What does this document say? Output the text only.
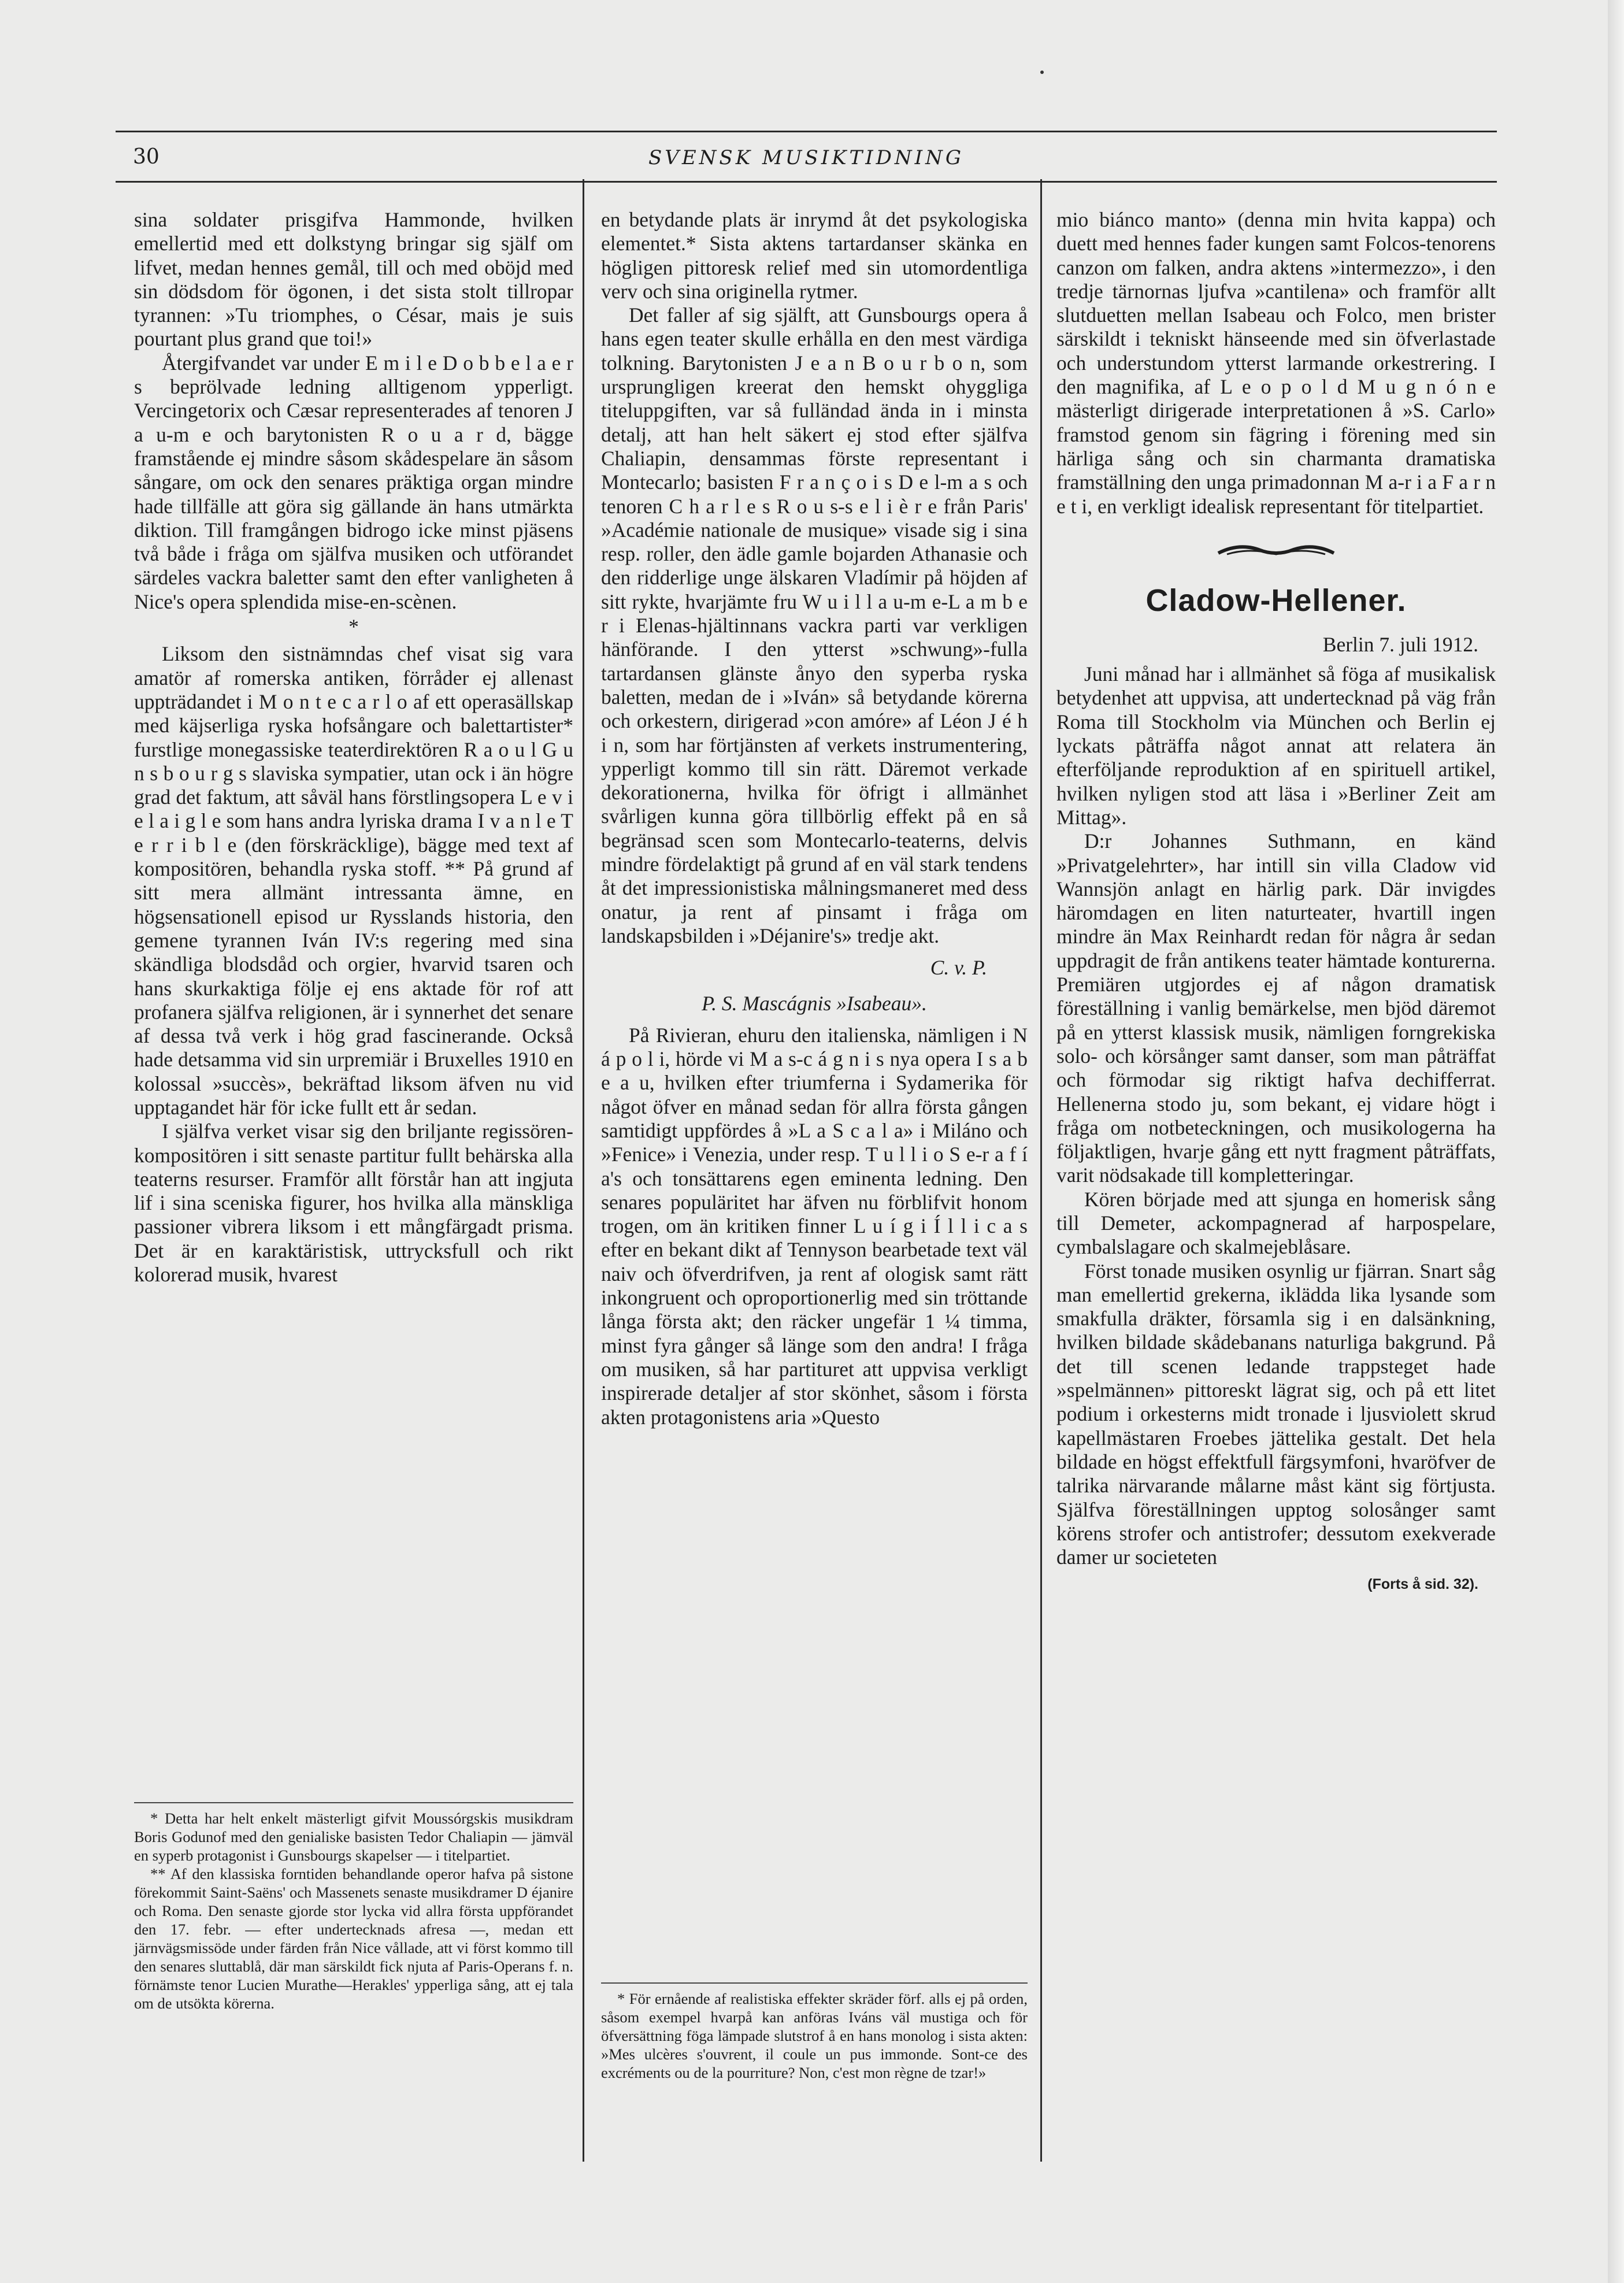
30	SVENSK MUSIKTIDNING

sina soldater prisgifva Hammonde, hvilken emellertid med ett dolkstyng bringar sig själf om lifvet, medan hennes gemål, till och med oböjd med sin dödsdom för ögonen, i det sista stolt tillropar tyrannen: »Tu triomphes, o César, mais je suis pourtant plus grand que toi!»

Återgifvandet var under E m i l e D o b b e l a e r s beprölvade ledning alltigenom ypperligt. Vercingetorix och Cæsar representerades af tenoren J a u-m e och barytonisten R o u a r d, bägge framstående ej mindre såsom skådespelare än såsom sångare, om ock den senares präktiga organ mindre hade tillfälle att göra sig gällande än hans utmärkta diktion. Till framgången bidrogo icke minst pjäsens två både i fråga om själfva musiken och utförandet särdeles vackra baletter samt den efter vanligheten å Nice's opera splendida mise-en-scènen.

*

Liksom den sistnämndas chef visat sig vara amatör af romerska antiken, förråder ej allenast uppträdandet i M o n t e c a r l o af ett operasällskap med käjserliga ryska hofsångare och balettartister* furstlige monegassiske teaterdirektören R a o u l G u n s b o u r g s slaviska sympatier, utan ock i än högre grad det faktum, att såväl hans förstlingsopera L e v i e l a i g l e som hans andra lyriska drama I v a n l e T e r r i b l e (den förskräcklige), bägge med text af kompositören, behandla ryska stoff. ** På grund af sitt mera allmänt intressanta ämne, en högsensationell episod ur Rysslands historia, den gemene tyrannen Iván IV:s regering med sina skändliga blodsdåd och orgier, hvarvid tsaren och hans skurkaktiga följe ej ens aktade för rof att profanera själfva religionen, är i synnerhet det senare af dessa två verk i hög grad fascinerande. Också hade detsamma vid sin urpremiär i Bruxelles 1910 en kolossal »succès», bekräftad liksom äfven nu vid upptagandet här för icke fullt ett år sedan.

I själfva verket visar sig den briljante regissören-kompositören i sitt senaste partitur fullt behärska alla teaterns resurser. Framför allt förstår han att ingjuta lif i sina sceniska figurer, hos hvilka alla mänskliga passioner vibrera liksom i ett mångfärgadt prisma. Det är en karaktäristisk, uttrycksfull och rikt kolorerad musik, hvarest

* Detta har helt enkelt mästerligt gifvit Moussórgskis musikdram Boris Godunof med den genialiske basisten Tedor Chaliapin — jämväl en syperb protagonist i Gunsbourgs skapelser — i titelpartiet.

** Af den klassiska forntiden behandlande operor hafva på sistone förekommit Saint-Saëns' och Massenets senaste musikdramer D éjanire och Roma. Den senaste gjorde stor lycka vid allra första uppförandet den 17. febr. — efter undertecknads afresa —, medan ett järnvägsmissöde under färden från Nice vållade, att vi först kommo till den senares sluttablå, där man särskildt fick njuta af Paris-Operans f. n. förnämste tenor Lucien Murathe—Herakles' ypperliga sång, att ej tala om de utsökta körerna.

en betydande plats är inrymd åt det psykologiska elementet.* Sista aktens tartardanser skänka en högligen pittoresk relief med sin utomordentliga verv och sina originella rytmer.

Det faller af sig själft, att Gunsbourgs opera å hans egen teater skulle erhålla en den mest värdiga tolkning. Barytonisten J e a n B o u r b o n, som ursprungligen kreerat den hemskt ohyggliga titeluppgiften, var så fulländad ända in i minsta detalj, att han helt säkert ej stod efter själfva Chaliapin, densammas förste representant i Montecarlo; basisten F r a n ç o i s D e l-m a s och tenoren C h a r l e s R o u s-s e l i è r e från Paris' »Académie nationale de musique» visade sig i sina resp. roller, den ädle gamle bojarden Athanasie och den ridderlige unge älskaren Vladímir på höjden af sitt rykte, hvarjämte fru W u i l l a u-m e-L a m b e r i Elenas-hjältinnans vackra parti var verkligen hänförande. I den ytterst »schwung»-fulla tartardansen glänste ånyo den syperba ryska baletten, medan de i »Iván» så betydande körerna och orkestern, dirigerad »con amóre» af Léon J é h i n, som har förtjänsten af verkets instrumentering, ypperligt kommo till sin rätt. Däremot verkade dekorationerna, hvilka för öfrigt i allmänhet svårligen kunna göra tillbörlig effekt på en så begränsad scen som Montecarlo-teaterns, delvis mindre fördelaktigt på grund af en väl stark tendens åt det impressionistiska målningsmaneret med dess onatur, ja rent af pinsamt i fråga om landskapsbilden i »Déjanire's» tredje akt.

C. v. P.
P. S. Mascágnis »Isabeau».

På Rivieran, ehuru den italienska, nämligen i N á p o l i, hörde vi M a s-c á g n i s nya opera I s a b e a u, hvilken efter triumferna i Sydamerika för något öfver en månad sedan för allra första gången samtidigt uppfördes å »L a S c a l a» i Miláno och »Fenice» i Venezia, under resp. T u l l i o S e-r a f í a's och tonsättarens egen eminenta ledning. Den senares populäritet har äfven nu förblifvit honom trogen, om än kritiken finner L u í g i Í l l i c a s efter en bekant dikt af Tennyson bearbetade text väl naiv och öfverdrifven, ja rent af ologisk samt rätt inkongruent och oproportionerlig med sin tröttande långa första akt; den räcker ungefär 1 ¼ timma, minst fyra gånger så länge som den andra! I fråga om musiken, så har partituret att uppvisa verkligt inspirerade detaljer af stor skönhet, såsom i första akten protagonistens aria »Questo

* För ernående af realistiska effekter skräder förf. alls ej på orden, såsom exempel hvarpå kan anföras Iváns väl mustiga och för öfversättning föga lämpade slutstrof å en hans monolog i sista akten: »Mes ulcères s'ouvrent, il coule un pus immonde. Sont-ce des excréments ou de la pourriture? Non, c'est mon règne de tzar!»

mio biánco manto» (denna min hvita kappa) och duett med hennes fader kungen samt Folcos-tenorens canzon om falken, andra aktens »intermezzo», i den tredje tärnornas ljufva »cantilena» och framför allt slutduetten mellan Isabeau och Folco, men brister särskildt i tekniskt hänseende med sin öfverlastade och understundom ytterst larmande orkestrering. I den magnifika, af L e o p o l d M u g n ó n e mästerligt dirigerade interpretationen å »S. Carlo» framstod genom sin fägring i förening med sin härliga sång och sin charmanta dramatiska framställning den unga primadonnan M a-r i a F a r n e t i, en verkligt idealisk representant för titelpartiet.

Cladow-Hellener.
Berlin 7. juli 1912.

Juni månad har i allmänhet så föga af musikalisk betydenhet att uppvisa, att undertecknad på väg från Roma till Stockholm via München och Berlin ej lyckats påträffa något annat att relatera än efterföljande reproduktion af en spirituell artikel, hvilken nyligen stod att läsa i »Berliner Zeit am Mittag».

D:r Johannes Suthmann, en känd »Privatgelehrter», har intill sin villa Cladow vid Wannsjön anlagt en härlig park. Där invigdes häromdagen en liten naturteater, hvartill ingen mindre än Max Reinhardt redan för några år sedan uppdragit de från antikens teater hämtade konturerna. Premiären utgjordes ej af någon dramatisk föreställning i vanlig bemärkelse, men bjöd däremot på en ytterst klassisk musik, nämligen forngrekiska solo- och körsånger samt danser, som man påträffat och förmodar sig riktigt hafva dechifferrat. Hellenerna stodo ju, som bekant, ej vidare högt i fråga om notbeteckningen, och musikologerna ha följaktligen, hvarje gång ett nytt fragment påträffats, varit nödsakade till kompletteringar.

Kören började med att sjunga en homerisk sång till Demeter, ackompagnerad af harpospelare, cymbalslagare och skalmejeblåsare.

Först tonade musiken osynlig ur fjärran. Snart såg man emellertid grekerna, iklädda lika lysande som smakfulla dräkter, församla sig i en dalsänkning, hvilken bildade skådebanans naturliga bakgrund. På det till scenen ledande trappsteget hade »spelmännen» pittoreskt lägrat sig, och på ett litet podium i orkesterns midt tronade i ljusviolett skrud kapellmästaren Froebes jättelika gestalt. Det hela bildade en högst effektfull färgsymfoni, hvaröfver de talrika närvarande målarne måst känt sig förtjusta. Själfva föreställningen upptog solosånger samt körens strofer och antistrofer; dessutom exekverade damer ur societeten

(Forts å sid. 32).
